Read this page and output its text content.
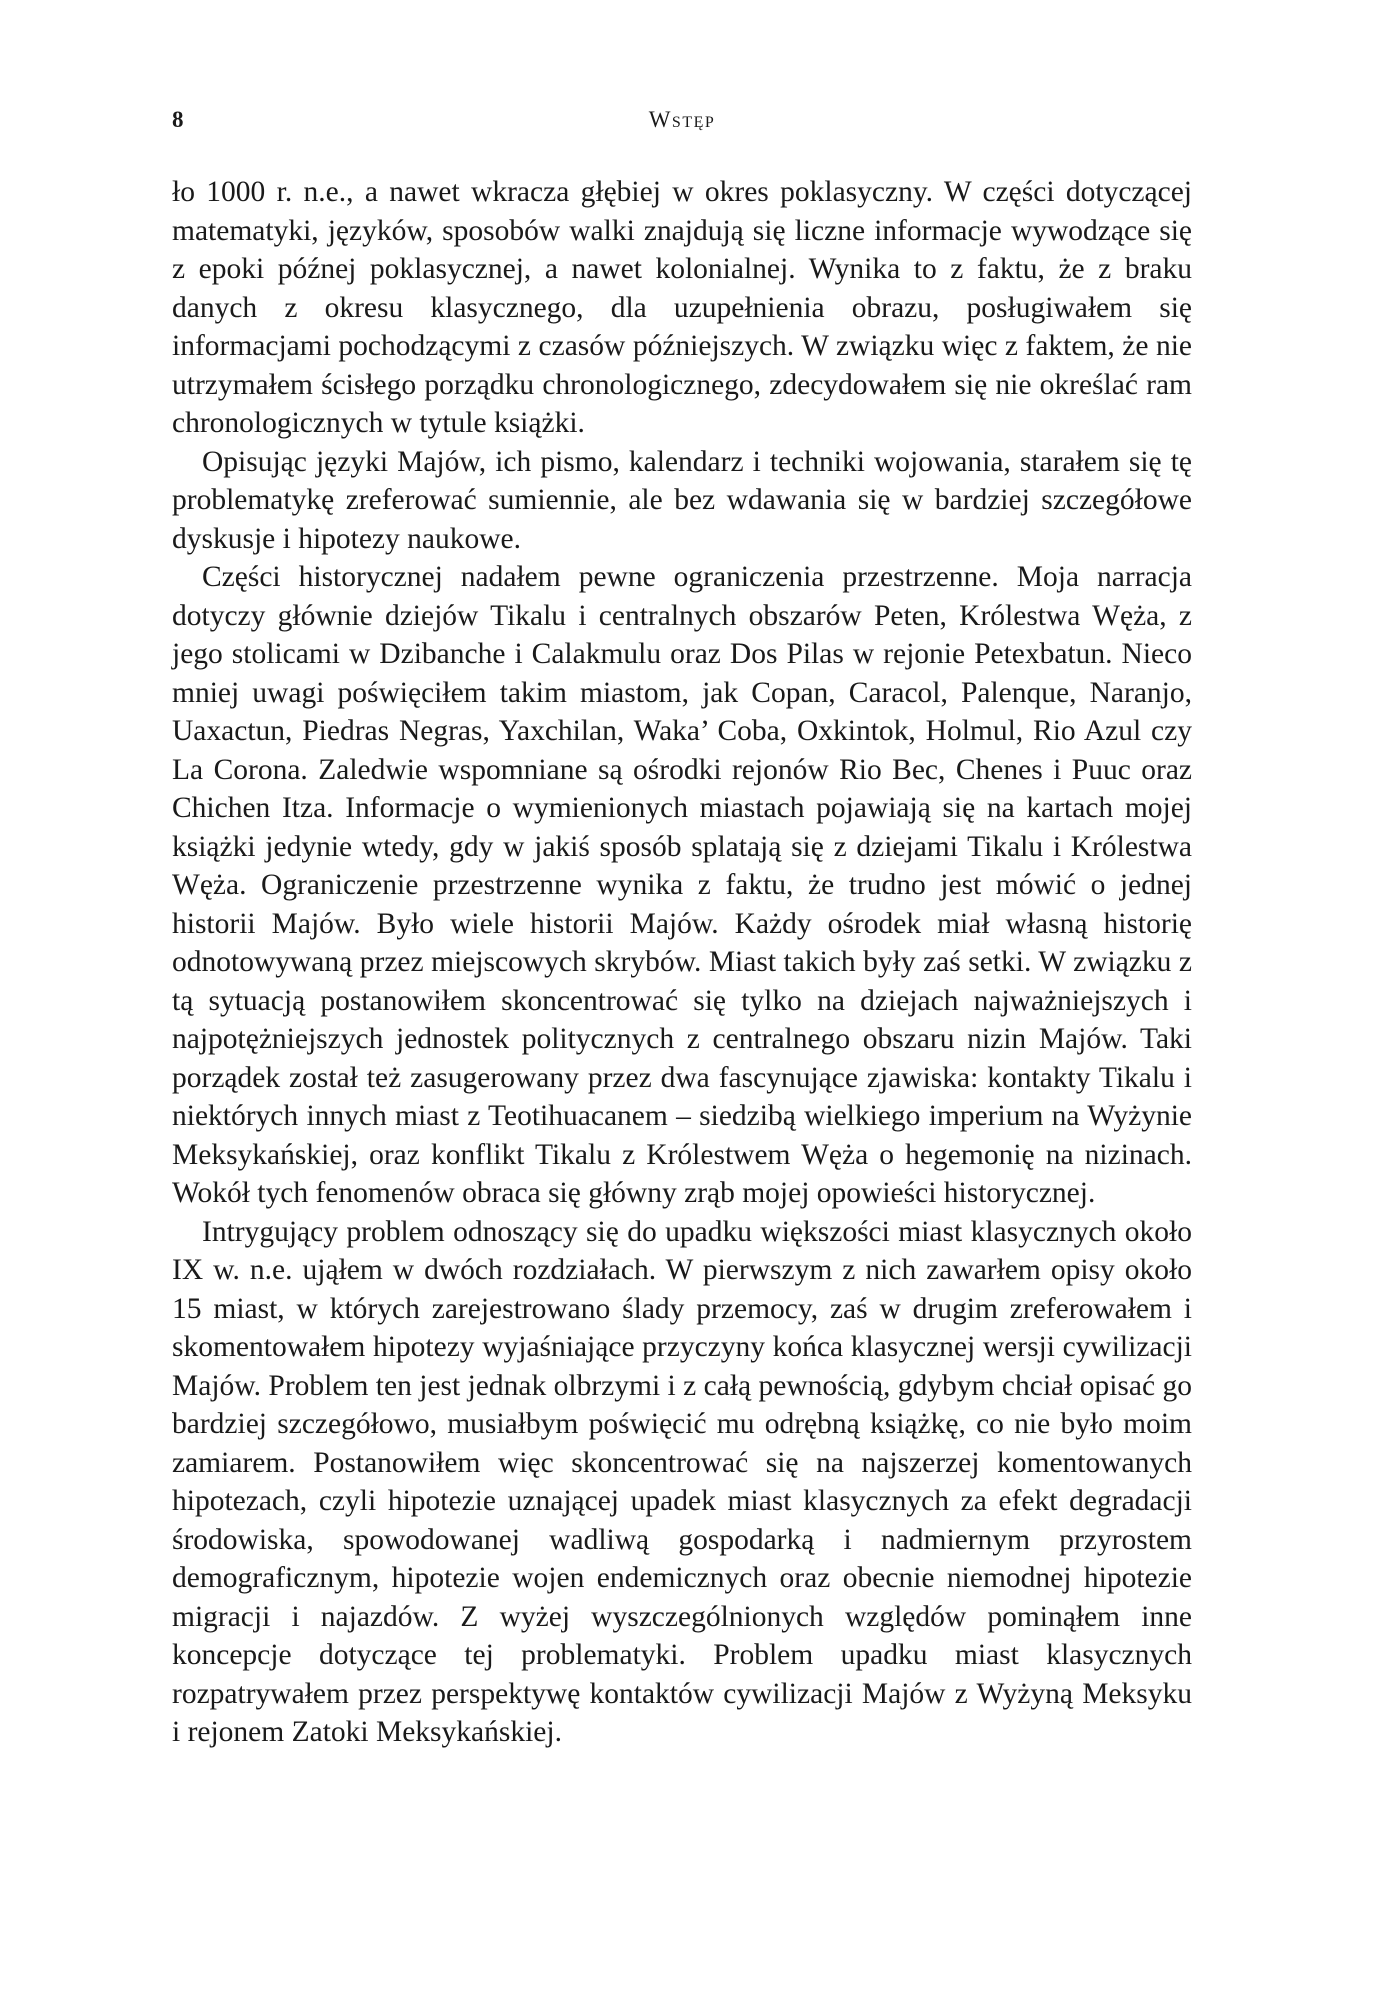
8	Wstęp

ło 1000 r. n.e., a nawet wkracza głębiej w okres poklasyczny. W części dotyczącej matematyki, języków, sposobów walki znajdują się liczne informacje wywodzące się z epoki późnej poklasycznej, a nawet kolonialnej. Wynika to z faktu, że z braku danych z okresu klasycznego, dla uzupełnienia obrazu, posługiwałem się informacjami pochodzącymi z czasów późniejszych. W związku więc z faktem, że nie utrzymałem ścisłego porządku chronologicznego, zdecydowałem się nie określać ram chronologicznych w tytule książki.

Opisując języki Majów, ich pismo, kalendarz i techniki wojowania, starałem się tę problematykę zreferować sumiennie, ale bez wdawania się w bardziej szczegółowe dyskusje i hipotezy naukowe.

Części historycznej nadałem pewne ograniczenia przestrzenne. Moja narracja dotyczy głównie dziejów Tikalu i centralnych obszarów Peten, Królestwa Węża, z jego stolicami w Dzibanche i Calakmulu oraz Dos Pilas w rejonie Petexbatun. Nieco mniej uwagi poświęciłem takim miastom, jak Copan, Caracol, Palenque, Naranjo, Uaxactun, Piedras Negras, Yaxchilan, Waka’ Coba, Oxkintok, Holmul, Rio Azul czy La Corona. Zaledwie wspomniane są ośrodki rejonów Rio Bec, Chenes i Puuc oraz Chichen Itza. Informacje o wymienionych miastach pojawiają się na kartach mojej książki jedynie wtedy, gdy w jakiś sposób splatają się z dziejami Tikalu i Królestwa Węża. Ograniczenie przestrzenne wynika z faktu, że trudno jest mówić o jednej historii Majów. Było wiele historii Majów. Każdy ośrodek miał własną historię odnotowywaną przez miejscowych skrybów. Miast takich były zaś setki. W związku z tą sytuacją postanowiłem skoncentrować się tylko na dziejach najważniejszych i najpotężniejszych jednostek politycznych z centralnego obszaru nizin Majów. Taki porządek został też zasugerowany przez dwa fascynujące zjawiska: kontakty Tikalu i niektórych innych miast z Teotihuacanem – siedzibą wielkiego imperium na Wyżynie Meksykańskiej, oraz konflikt Tikalu z Królestwem Węża o hegemonię na nizinach. Wokół tych fenomenów obraca się główny zrąb mojej opowieści historycznej.

Intrygujący problem odnoszący się do upadku większości miast klasycznych około IX w. n.e. ująłem w dwóch rozdziałach. W pierwszym z nich zawarłem opisy około 15 miast, w których zarejestrowano ślady przemocy, zaś w drugim zreferowałem i skomentowałem hipotezy wyjaśniające przyczyny końca klasycznej wersji cywilizacji Majów. Problem ten jest jednak olbrzymi i z całą pewnością, gdybym chciał opisać go bardziej szczegółowo, musiałbym poświęcić mu odrębną książkę, co nie było moim zamiarem. Postanowiłem więc skoncentrować się na najszerzej komentowanych hipotezach, czyli hipotezie uznającej upadek miast klasycznych za efekt degradacji środowiska, spowodowanej wadliwą gospodarką i nadmiernym przyrostem demograficznym, hipotezie wojen endemicznych oraz obecnie niemodnej hipotezie migracji i najazdów. Z wyżej wyszczególnionych względów pominąłem inne koncepcje dotyczące tej problematyki. Problem upadku miast klasycznych rozpatrywałem przez perspektywę kontaktów cywilizacji Majów z Wyżyną Meksyku i rejonem Zatoki Meksykańskiej.
